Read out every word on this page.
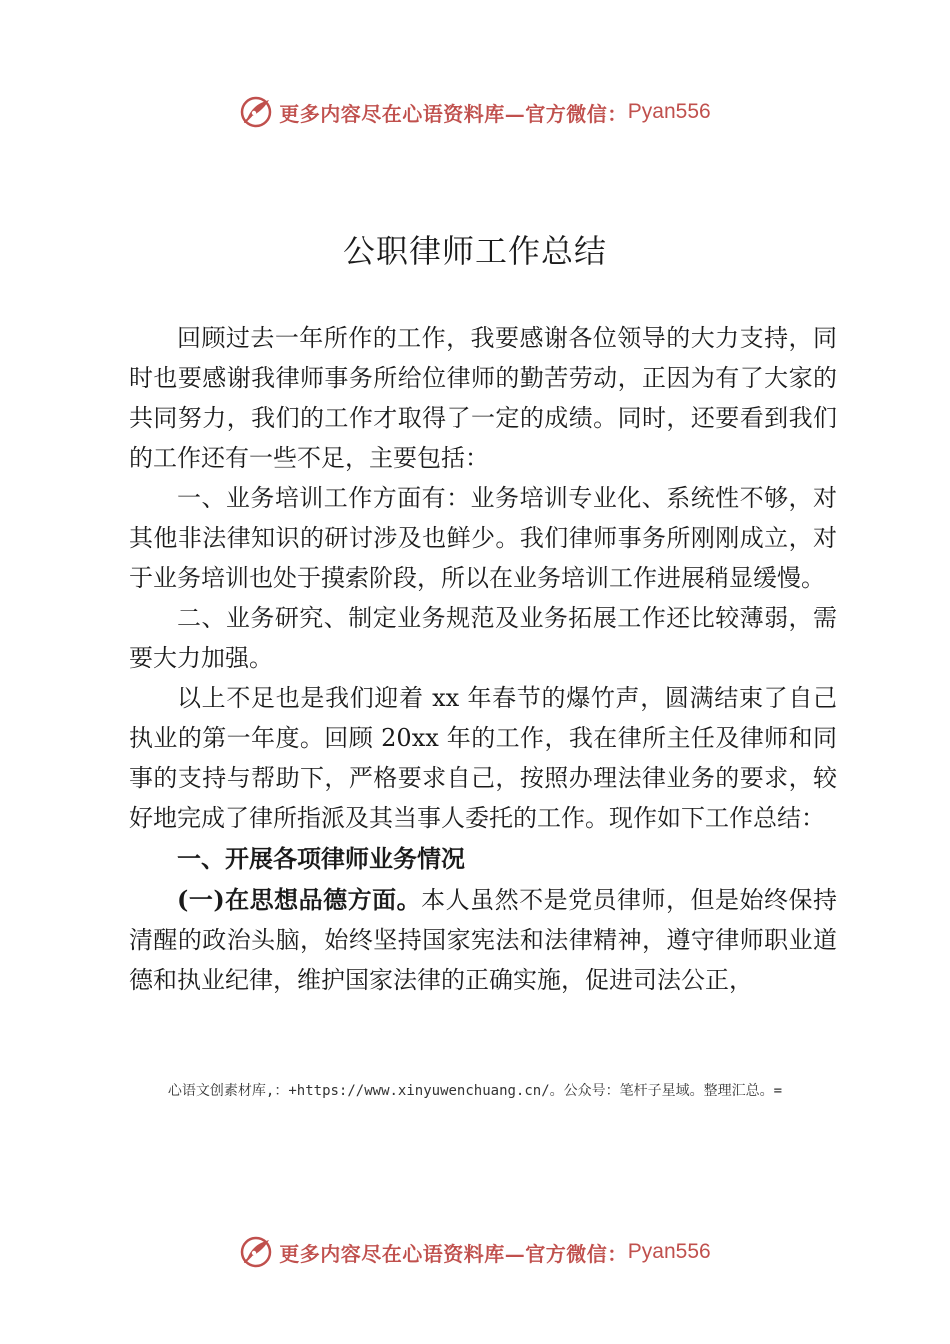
更多内容尽在心语资料库—官方微信： Pyan556
公职律师工作总结

回顾过去一年所作的工作，我要感谢各位领导的大力支持，同时也要感谢我律师事务所给位律师的勤苦劳动，正因为有了大家的共同努力，我们的工作才取得了一定的成绩。同时，还要看到我们的工作还有一些不足，主要包括：

一、业务培训工作方面有：业务培训专业化、系统性不够，对其他非法律知识的研讨涉及也鲜少。我们律师事务所刚刚成立，对于业务培训也处于摸索阶段，所以在业务培训工作进展稍显缓慢。

二、业务研究、制定业务规范及业务拓展工作还比较薄弱，需要大力加强。

以上不足也是我们迎着 xx 年春节的爆竹声，圆满结束了自己执业的第一年度。回顾 20xx 年的工作，我在律所主任及律师和同事的支持与帮助下，严格要求自己，按照办理法律业务的要求，较好地完成了律所指派及其当事人委托的工作。现作如下工作总结：

一、开展各项律师业务情况

(一)在思想品德方面。本人虽然不是党员律师，但是始终保持清醒的政治头脑，始终坚持国家宪法和法律精神，遵守律师职业道德和执业纪律，维护国家法律的正确实施，促进司法公正，

心语文创素材库,：+https://www.xinyuwenchuang.cn/。公众号：笔杆子星域。整理汇总。=
更多内容尽在心语资料库—官方微信： Pyan556
